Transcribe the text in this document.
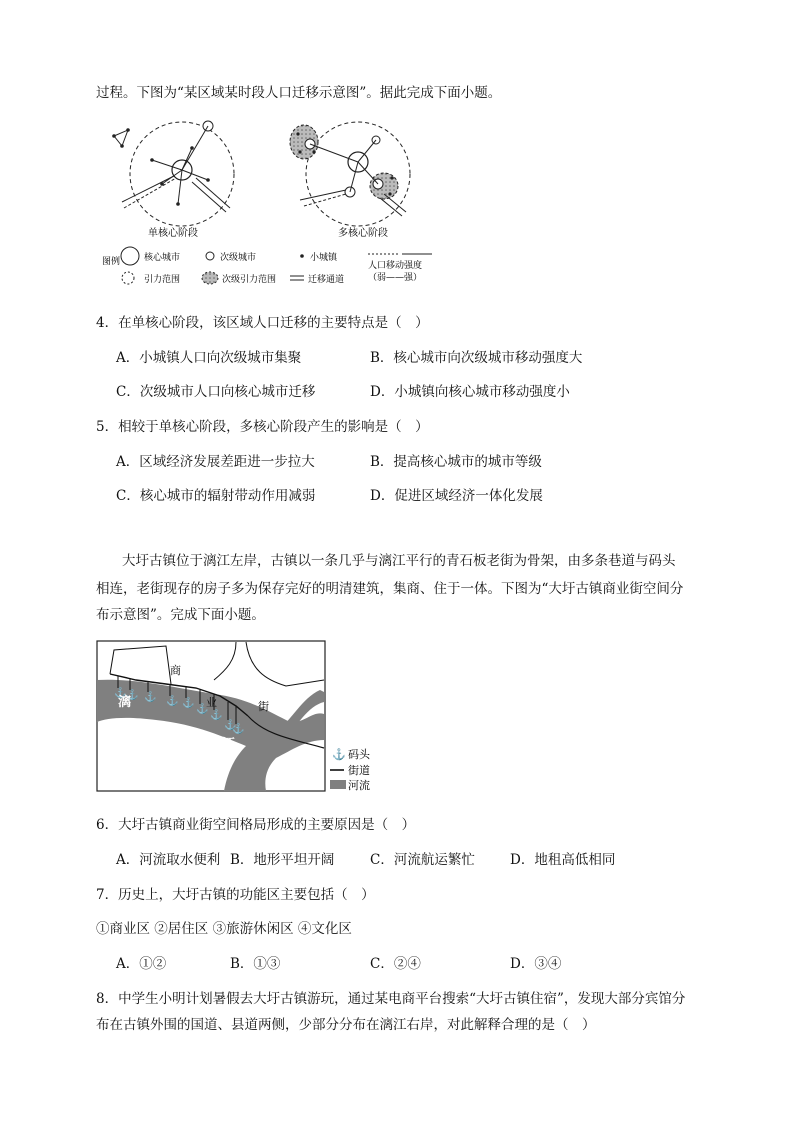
过程。下图为“某区域某时段人口迁移示意图”。据此完成下面小题。
单核心阶段	多核心阶段
图例	核心城市	次级城市	小城镇
人口移动强度
（弱——强）
引力范围	次级引力范围	迁移通道
4．在单核心阶段，该区域人口迁移的主要特点是（　）
A．小城镇人口向次级城市集聚	B．核心城市向次级城市移动强度大
C．次级城市人口向核心城市迁移	D．小城镇向核心城市移动强度小
5．相较于单核心阶段，多核心阶段产生的影响是（　）
A．区域经济发展差距进一步拉大	B．提高核心城市的城市等级
C．核心城市的辐射带动作用减弱	D．促进区域经济一体化发展
大圩古镇位于漓江左岸，古镇以一条几乎与漓江平行的青石板老街为骨架，由多条巷道与码头
相连，老街现存的房子多为保存完好的明清建筑，集商、住于一体。下图为“大圩古镇商业街空间分
布示意图”。完成下面小题。
⚓ ⚓ ⚓ ⚓ ⚓
⚓
⚓
⚓
⚓
商
业	街
漓
江
⚓ 码头
街道
河流
6．大圩古镇商业街空间格局形成的主要原因是（　）
A．河流取水便利 B．地形平坦开阔	C．河流航运繁忙	D．地租高低相同
7．历史上，大圩古镇的功能区主要包括（　）
①商业区 ②居住区 ③旅游休闲区 ④文化区
A．①②	B．①③	C．②④	D．③④
8．中学生小明计划暑假去大圩古镇游玩，通过某电商平台搜索“大圩古镇住宿”，发现大部分宾馆分
布在古镇外围的国道、县道两侧，少部分分布在漓江右岸，对此解释合理的是（　）
